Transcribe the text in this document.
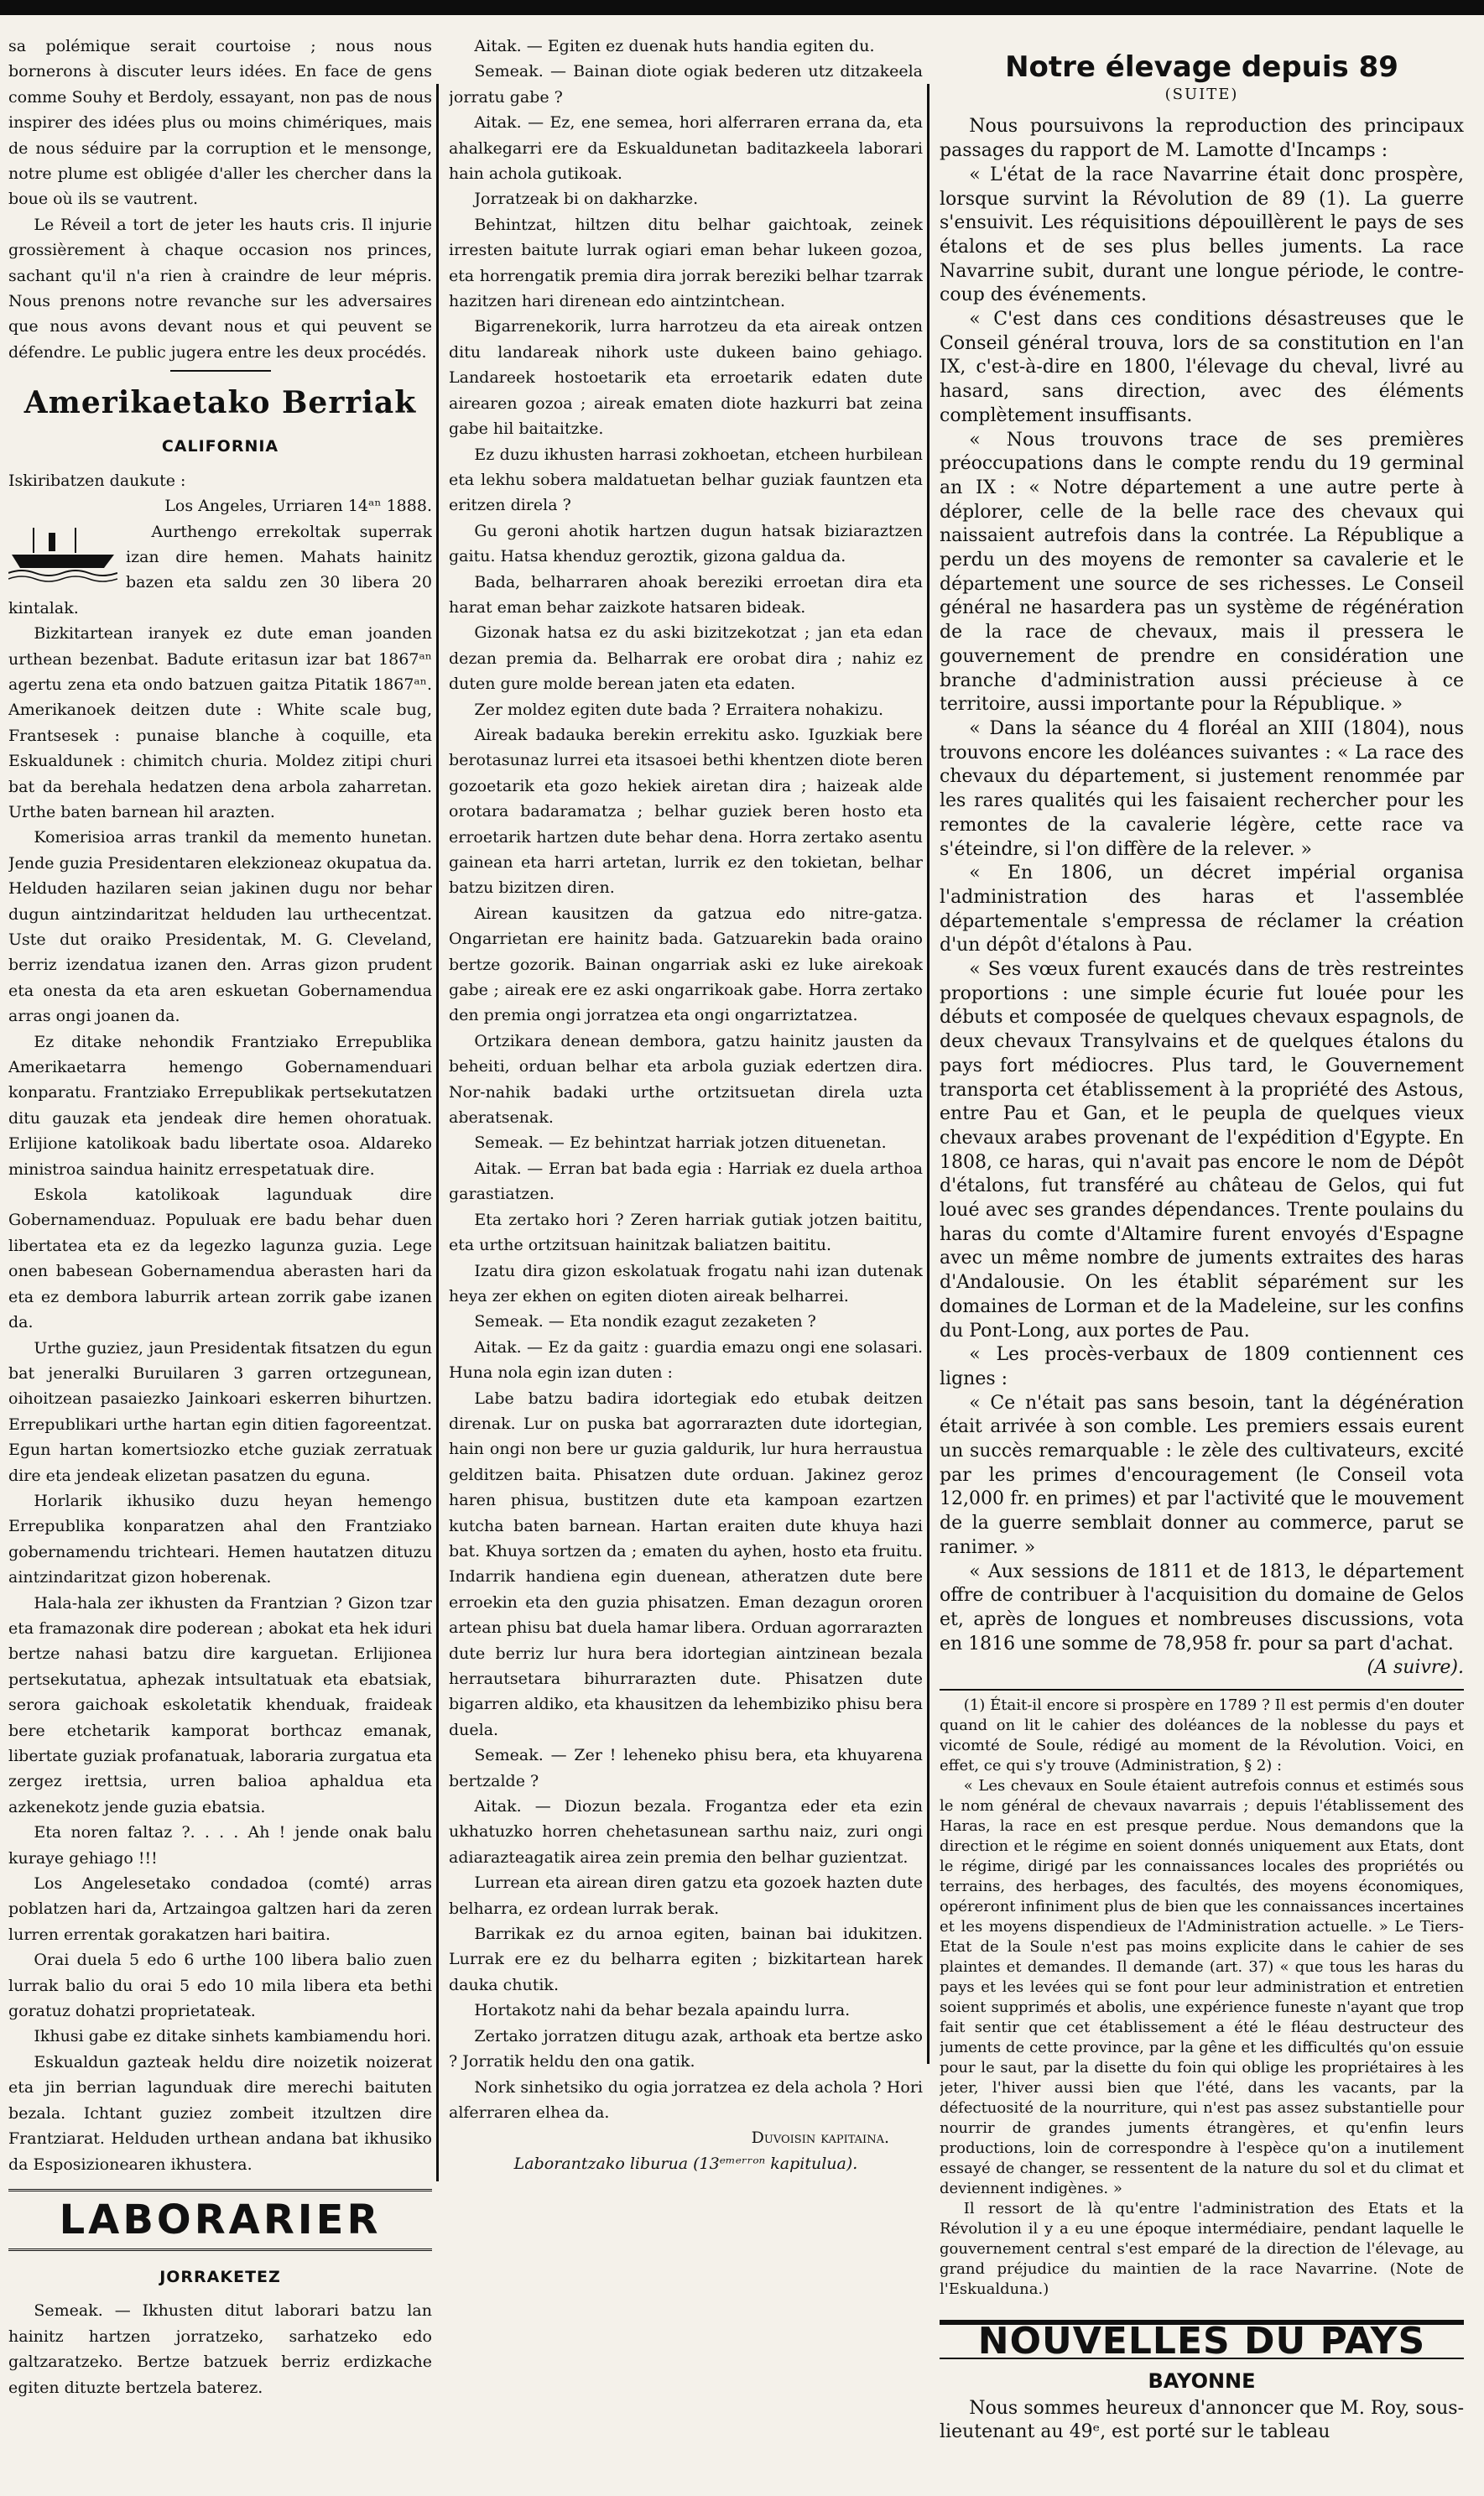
sa polémique serait courtoise ; nous nous bornerons à discuter leurs idées. En face de gens comme Souhy et Berdoly, essayant, non pas de nous inspirer des idées plus ou moins chimériques, mais de nous séduire par la corruption et le mensonge, notre plume est obligée d'aller les chercher dans la boue où ils se vautrent.

Le Réveil a tort de jeter les hauts cris. Il injurie grossièrement à chaque occasion nos princes, sachant qu'il n'a rien à craindre de leur mépris. Nous prenons notre revanche sur les adversaires que nous avons devant nous et qui peuvent se défendre. Le public jugera entre les deux procédés.

Amerikaetako Berriak

CALIFORNIA

Iskiribatzen daukute :

Los Angeles, Urriaren 14ᵃⁿ 1888.

Aurthengo errekoltak superrak izan dire hemen. Mahats hainitz bazen eta saldu zen 30 libera 20 kintalak.

Bizkitartean iranyek ez dute eman joanden urthean bezenbat. Badute eritasun izar bat 1867ᵃⁿ agertu zena eta ondo batzuen gaitza Pitatik 1867ᵃⁿ. Amerikanoek deitzen dute : White scale bug, Frantsesek : punaise blanche à coquille, eta Eskualdunek : chimitch churia. Moldez zitipi churi bat da berehala hedatzen dena arbola zaharretan. Urthe baten barnean hil arazten.

Komerisioa arras trankil da memento hunetan. Jende guzia Presidentaren elekzioneaz okupatua da. Helduden hazilaren seian jakinen dugu nor behar dugun aintzindaritzat helduden lau urthecentzat. Uste dut oraiko Presidentak, M. G. Cleveland, berriz izendatua izanen den. Arras gizon prudent eta onesta da eta aren eskuetan Gobernamendua arras ongi joanen da.

Ez ditake nehondik Frantziako Errepublika Amerikaetarra hemengo Gobernamenduari konparatu. Frantziako Errepublikak pertsekutatzen ditu gauzak eta jendeak dire hemen ohoratuak. Erlijione katolikoak badu libertate osoa. Aldareko ministroa saindua hainitz errespetatuak dire.

Eskola katolikoak lagunduak dire Gobernamenduaz. Populuak ere badu behar duen libertatea eta ez da legezko lagunza guzia. Lege onen babesean Gobernamendua aberasten hari da eta ez dembora laburrik artean zorrik gabe izanen da.

Urthe guziez, jaun Presidentak fitsatzen du egun bat jeneralki Buruilaren 3 garren ortzegunean, oihoitzean pasaiezko Jainkoari eskerren bihurtzen. Errepublikari urthe hartan egin ditien fagoreentzat. Egun hartan komertsiozko etche guziak zerratuak dire eta jendeak elizetan pasatzen du eguna.

Horlarik ikhusiko duzu heyan hemengo Errepublika konparatzen ahal den Frantziako gobernamendu trichteari. Hemen hautatzen dituzu aintzindaritzat gizon hoberenak.

Hala-hala zer ikhusten da Frantzian ? Gizon tzar eta framazonak dire poderean ; abokat eta hek iduri bertze nahasi batzu dire karguetan. Erlijionea pertsekutatua, aphezak intsultatuak eta ebatsiak, serora gaichoak eskoletatik khenduak, fraideak bere etchetarik kamporat borthcaz emanak, libertate guziak profanatuak, laboraria zurgatua eta zergez irettsia, urren balioa aphaldua eta azkenekotz jende guzia ebatsia.

Eta noren faltaz ?. . . . Ah ! jende onak balu kuraye gehiago !!!

Los Angelesetako condadoa (comté) arras poblatzen hari da, Artzaingoa galtzen hari da zeren lurren errentak gorakatzen hari baitira.

Orai duela 5 edo 6 urthe 100 libera balio zuen lurrak balio du orai 5 edo 10 mila libera eta bethi goratuz dohatzi proprietateak.

Ikhusi gabe ez ditake sinhets kambiamendu hori.

Eskualdun gazteak heldu dire noizetik noizerat eta jin berrian lagunduak dire merechi baituten bezala. Ichtant guziez zombeit itzultzen dire Frantziarat. Helduden urthean andana bat ikhusiko da Esposizionearen ikhusterа.

LABORARIER

JORRAKETEZ

Semeak. — Ikhusten ditut laborari batzu lan hainitz hartzen jorratzeko, sarhatzeko edo galtzaratzeko. Bertze batzuek berriz erdizkache egiten dituzte bertzela baterez.

Aitak. — Egiten ez duenak huts handia egiten du.

Semeak. — Bainan diote ogiak bederen utz ditzakeela jorratu gabe ?

Aitak. — Ez, ene semea, hori alferraren errana da, eta ahalkegarri ere da Eskualdunetan baditazkeela laborari hain achola gutikoak.

Jorratzeak bi on dakharzke.

Behintzat, hiltzen ditu belhar gaichtoak, zeinek irresten baitute lurrak ogiari eman behar lukeen gozoa, eta horrengatik premia dira jorrak bereziki belhar tzarrak hazitzen hari direnean edo aintzintchean.

Bigarrenekorik, lurra harrotzeu da eta aireak ontzen ditu landareak nihork uste dukeen baino gehiago. Landareek hostoetarik eta erroetarik edaten dute airearen gozoa ; aireak ematen diote hazkurri bat zeina gabe hil baitaitzke.

Ez duzu ikhusten harrasi zokhoetan, etcheen hurbilean eta lekhu sobera maldatuetan belhar guziak fauntzen eta eritzen direla ?

Gu geroni ahotik hartzen dugun hatsak biziaraztzen gaitu. Hatsa khenduz geroztik, gizona galdua da.

Bada, belharraren ahoak bereziki erroetan dira eta harat eman behar zaizkote hatsaren bideak.

Gizonak hatsa ez du aski bizitzekotzat ; jan eta edan dezan premia da. Belharrak ere orobat dira ; nahiz ez duten gure molde berean jaten eta edaten.

Zer moldez egiten dute bada ? Erraitera nohakizu.

Aireak badauka berekin errekitu asko. Iguzkiak bere berotasunaz lurrei eta itsasoei bethi khentzen diote beren gozoetarik eta gozo hekiek airetan dira ; haizeak alde orotara badaramatza ; belhar guziek beren hosto eta erroetarik hartzen dute behar dena. Horra zertako asentu gainean eta harri artetan, lurrik ez den tokietan, belhar batzu bizitzen diren.

Airean kausitzen da gatzua edo nitre-gatza. Ongarrietan ere hainitz bada. Gatzuarekin bada oraino bertze gozorik. Bainan ongarriak aski ez luke airekoak gabe ; aireak ere ez aski ongarrikoak gabe. Horra zertako den premia ongi jorratzea eta ongi ongarriztatzea.

Ortzikara denean dembora, gatzu hainitz jausten da beheiti, orduan belhar eta arbola guziak edertzen dira. Nor-nahik badaki urthe ortzitsuetan direla uzta aberatsenak.

Semeak. — Ez behintzat harriak jotzen dituenetan.

Aitak. — Erran bat bada egia : Harriak ez duela arthoa garastiatzen.

Eta zertako hori ? Zeren harriak gutiak jotzen baititu, eta urthe ortzitsuan hainitzak baliatzen baititu.

Izatu dira gizon eskolatuak frogatu nahi izan dutenak heya zer ekhen on egiten dioten aireak belharrei.

Semeak. — Eta nondik ezagut zezaketen ?

Aitak. — Ez da gaitz : guardia emazu ongi ene solasari. Huna nola egin izan duten :

Labe batzu badira idortegiak edo etubak deitzen direnak. Lur on puska bat agorrarazten dute idortegian, hain ongi non bere ur guzia galdurik, lur hura herraustua gelditzen baita. Phisatzen dute orduan. Jakinez geroz haren phisua, bustitzen dute eta kampoan ezartzen kutcha baten barnean. Hartan eraiten dute khuya hazi bat. Khuya sortzen da ; ematen du ayhen, hosto eta fruitu. Indarrik handiena egin duenean, atheratzen dute bere erroekin eta den guzia phisatzen. Eman dezagun ororen artean phisu bat duela hamar libera. Orduan agorrarazten dute berriz lur hura bera idortegian aintzinean bezala herrautsetara bihurrarazten dute. Phisatzen dute bigarren aldiko, eta khausitzen da lehembiziko phisu bera duela.

Semeak. — Zer ! leheneko phisu bera, eta khuyarena bertzalde ?

Aitak. — Diozun bezala. Frogantza eder eta ezin ukhatuzko horren chehetasunean sarthu naiz, zuri ongi adiarazteagatik airea zein premia den belhar guzientzat.

Lurrean eta airean diren gatzu eta gozoek hazten dute belharra, ez ordean lurrak berak.

Barrikak ez du arnoa egiten, bainan bai idukitzen. Lurrak ere ez du belharra egiten ; bizkitartean harek dauka chutik.

Hortakotz nahi da behar bezala apaindu lurra.

Zertako jorratzen ditugu azak, arthoak eta bertze asko ? Jorratik heldu den ona gatik.

Nork sinhetsiko du ogia jorratzea ez dela achola ? Hori alferraren elhea da.

Duvoisin kapitaina.

Laborantzako liburua (13ᵉᵐᵉʳʳᵒⁿ kapitulua).

Notre élevage depuis 89

(SUITE)

Nous poursuivons la reproduction des principaux passages du rapport de M. Lamotte d'Incamps :

« L'état de la race Navarrine était donc prospère, lorsque survint la Révolution de 89 (1). La guerre s'ensuivit. Les réquisitions dépouillèrent le pays de ses étalons et de ses plus belles juments. La race Navarrine subit, durant une longue période, le contre-coup des événements.

« C'est dans ces conditions désastreuses que le Conseil général trouva, lors de sa constitution en l'an IX, c'est-à-dire en 1800, l'élevage du cheval, livré au hasard, sans direction, avec des éléments complètement insuffisants.

« Nous trouvons trace de ses premières préoccupations dans le compte rendu du 19 germinal an IX : « Notre département a une autre perte à déplorer, celle de la belle race des chevaux qui naissaient autrefois dans la contrée. La République a perdu un des moyens de remonter sa cavalerie et le département une source de ses richesses. Le Conseil général ne hasardera pas un système de régénération de la race de chevaux, mais il pressera le gouvernement de prendre en considération une branche d'administration aussi précieuse à ce territoire, aussi importante pour la République. »

« Dans la séance du 4 floréal an XIII (1804), nous trouvons encore les doléances suivantes : « La race des chevaux du département, si justement renommée par les rares qualités qui les faisaient rechercher pour les remontes de la cavalerie légère, cette race va s'éteindre, si l'on diffère de la relever. »

« En 1806, un décret impérial organisa l'administration des haras et l'assemblée départementale s'empressa de réclamer la création d'un dépôt d'étalons à Pau.

« Ses vœux furent exaucés dans de très restreintes proportions : une simple écurie fut louée pour les débuts et composée de quelques chevaux espagnols, de deux chevaux Transylvains et de quelques étalons du pays fort médiocres. Plus tard, le Gouvernement transporta cet établissement à la propriété des Astous, entre Pau et Gan, et le peupla de quelques vieux chevaux arabes provenant de l'expédition d'Egypte. En 1808, ce haras, qui n'avait pas encore le nom de Dépôt d'étalons, fut transféré au château de Gelos, qui fut loué avec ses grandes dépendances. Trente poulains du haras du comte d'Altamire furent envoyés d'Espagne avec un même nombre de juments extraites des haras d'Andalousie. On les établit séparément sur les domaines de Lorman et de la Madeleine, sur les confins du Pont-Long, aux portes de Pau.

« Les procès-verbaux de 1809 contiennent ces lignes :

« Ce n'était pas sans besoin, tant la dégénération était arrivée à son comble. Les premiers essais eurent un succès remarquable : le zèle des cultivateurs, excité par les primes d'encouragement (le Conseil vota 12,000 fr. en primes) et par l'activité que le mouvement de la guerre semblait donner au commerce, parut se ranimer. »

« Aux sessions de 1811 et de 1813, le département offre de contribuer à l'acquisition du domaine de Gelos et, après de longues et nombreuses discussions, vota en 1816 une somme de 78,958 fr. pour sa part d'achat.

(A suivre).

(1) Était-il encore si prospère en 1789 ? Il est permis d'en douter quand on lit le cahier des doléances de la noblesse du pays et vicomté de Soule, rédigé au moment de la Révolution. Voici, en effet, ce qui s'y trouve (Administration, § 2) :

« Les chevaux en Soule étaient autrefois connus et estimés sous le nom général de chevaux navarrais ; depuis l'établissement des Haras, la race en est presque perdue. Nous demandons que la direction et le régime en soient donnés uniquement aux Etats, dont le régime, dirigé par les connaissances locales des propriétés ou terrains, des herbages, des facultés, des moyens économiques, opéreront infiniment plus de bien que les connaissances incertaines et les moyens dispendieux de l'Administration actuelle. » Le Tiers-Etat de la Soule n'est pas moins explicite dans le cahier de ses plaintes et demandes. Il demande (art. 37) « que tous les haras du pays et les levées qui se font pour leur administration et entretien soient supprimés et abolis, une expérience funeste n'ayant que trop fait sentir que cet établissement a été le fléau destructeur des juments de cette province, par la gêne et les difficultés qu'on essuie pour le saut, par la disette du foin qui oblige les propriétaires à les jeter, l'hiver aussi bien que l'été, dans les vacants, par la défectuosité de la nourriture, qui n'est pas assez substantielle pour nourrir de grandes juments étrangères, et qu'enfin leurs productions, loin de correspondre à l'espèce qu'on a inutilement essayé de changer, se ressentent de la nature du sol et du climat et deviennent indigènes. »

Il ressort de là qu'entre l'administration des Etats et la Révolution il y a eu une époque intermédiaire, pendant laquelle le gouvernement central s'est emparé de la direction de l'élevage, au grand préjudice du maintien de la race Navarrine. (Note de l'Eskualduna.)

NOUVELLES DU PAYS

BAYONNE

Nous sommes heureux d'annoncer que M. Roy, sous-lieutenant au 49ᵉ, est porté sur le tableau
